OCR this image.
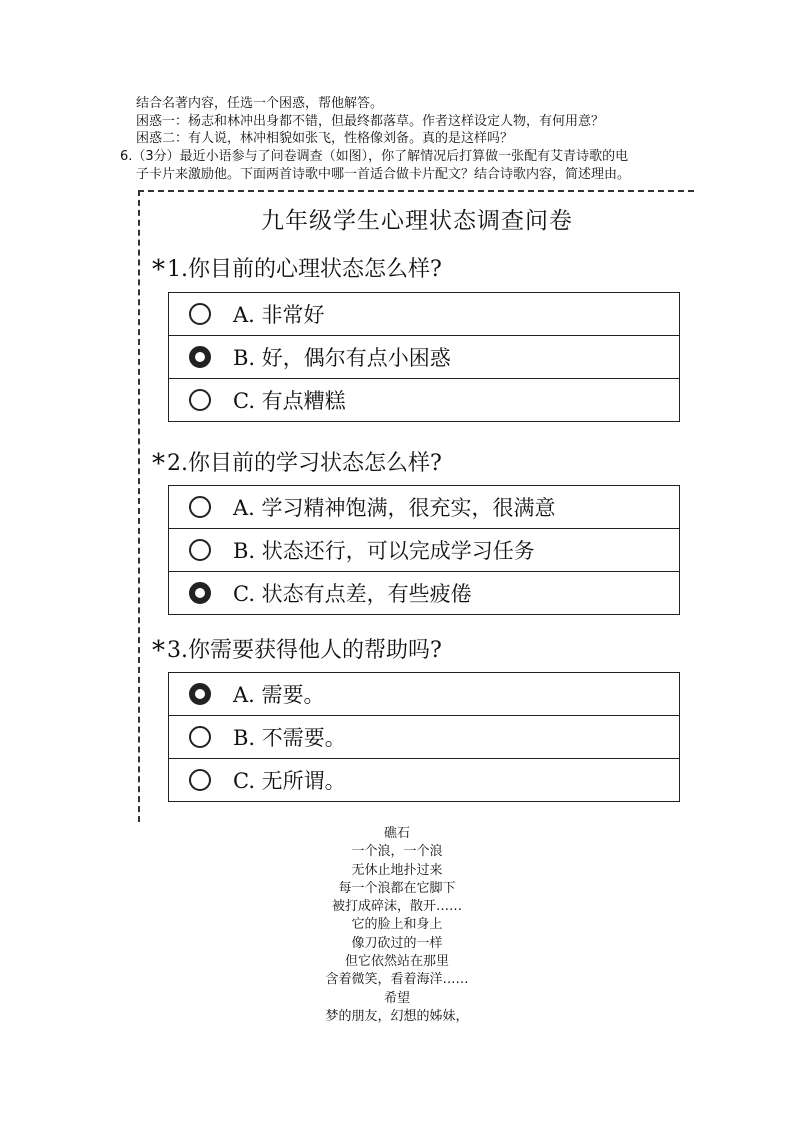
结合名著内容，任选一个困惑，帮他解答。
困惑一：杨志和林冲出身都不错，但最终都落草。作者这样设定人物，有何用意？
困惑二：有人说，林冲相貌如张飞，性格像刘备。真的是这样吗？
6.（3分）最近小语参与了问卷调查（如图），你了解情况后打算做一张配有艾青诗歌的电
子卡片来激励他。下面两首诗歌中哪一首适合做卡片配文？结合诗歌内容，简述理由。
九年级学生心理状态调查问卷
*1.你目前的心理状态怎么样?
A. 非常好
B. 好，偶尔有点小困惑
C. 有点糟糕
*2.你目前的学习状态怎么样?
A. 学习精神饱满，很充实，很满意
B. 状态还行，可以完成学习任务
C. 状态有点差，有些疲倦
*3.你需要获得他人的帮助吗?
A. 需要。
B. 不需要。
C. 无所谓。
礁石
一个浪，一个浪
无休止地扑过来
每一个浪都在它脚下
被打成碎沫，散开……
它的脸上和身上
像刀砍过的一样
但它依然站在那里
含着微笑，看着海洋……
希望
梦的朋友，幻想的姊妹，
